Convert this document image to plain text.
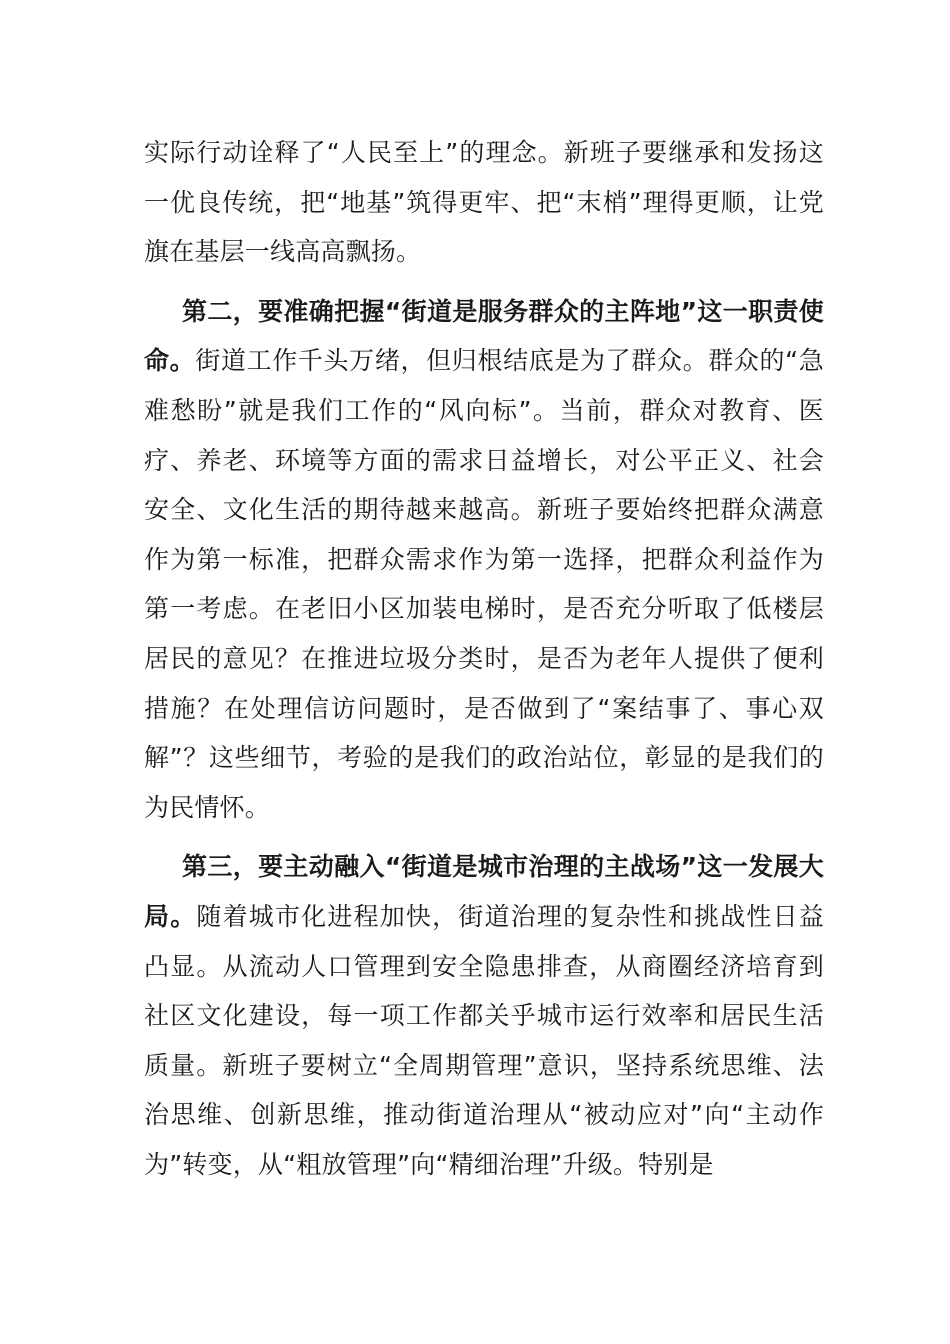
实际行动诠释了“人民至上”的理念。新班子要继承和发扬这一优良传统，把“地基”筑得更牢、把“末梢”理得更顺，让党旗在基层一线高高飘扬。

第二，要准确把握“街道是服务群众的主阵地”这一职责使命。街道工作千头万绪，但归根结底是为了群众。群众的“急难愁盼”就是我们工作的“风向标”。当前，群众对教育、医疗、养老、环境等方面的需求日益增长，对公平正义、社会安全、文化生活的期待越来越高。新班子要始终把群众满意作为第一标准，把群众需求作为第一选择，把群众利益作为第一考虑。在老旧小区加装电梯时，是否充分听取了低楼层居民的意见？在推进垃圾分类时，是否为老年人提供了便利措施？在处理信访问题时，是否做到了“案结事了、事心双解”？这些细节，考验的是我们的政治站位，彰显的是我们的为民情怀。

第三，要主动融入“街道是城市治理的主战场”这一发展大局。随着城市化进程加快，街道治理的复杂性和挑战性日益凸显。从流动人口管理到安全隐患排查，从商圈经济培育到社区文化建设，每一项工作都关乎城市运行效率和居民生活质量。新班子要树立“全周期管理”意识，坚持系统思维、法治思维、创新思维，推动街道治理从“被动应对”向“主动作为”转变，从“粗放管理”向“精细治理”升级。特别是
